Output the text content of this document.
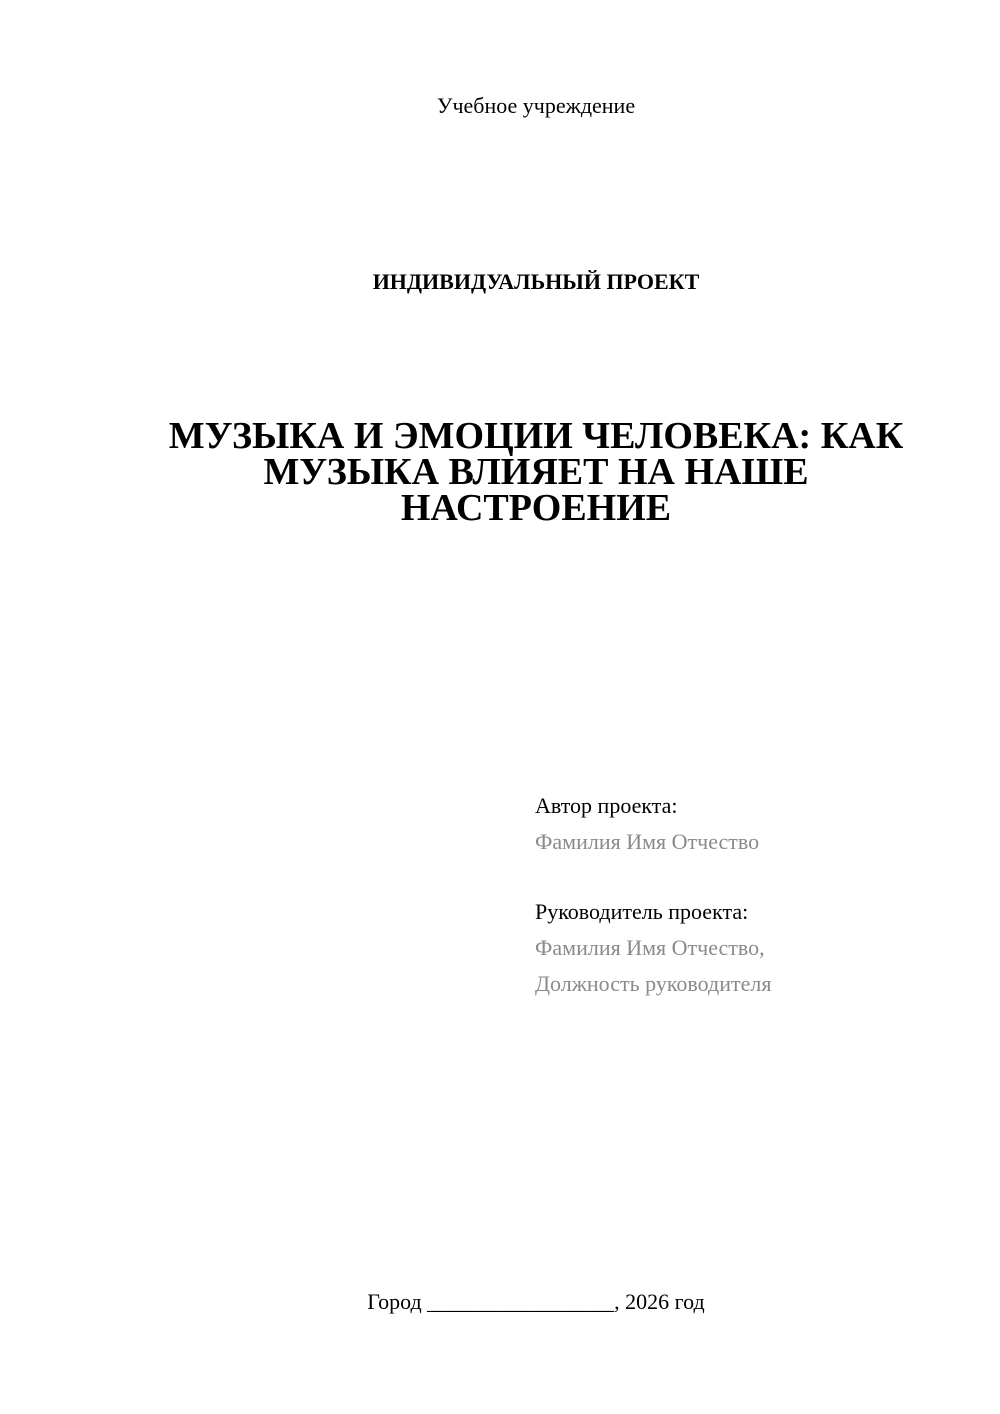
Учебное учреждение
ИНДИВИДУАЛЬНЫЙ ПРОЕКТ
МУЗЫКА И ЭМОЦИИ ЧЕЛОВЕКА: КАК
МУЗЫКА ВЛИЯЕТ НА НАШЕ
НАСТРОЕНИЕ
Автор проекта:
Фамилия Имя Отчество
Руководитель проекта:
Фамилия Имя Отчество,
Должность руководителя
Город _________________, 2026 год
